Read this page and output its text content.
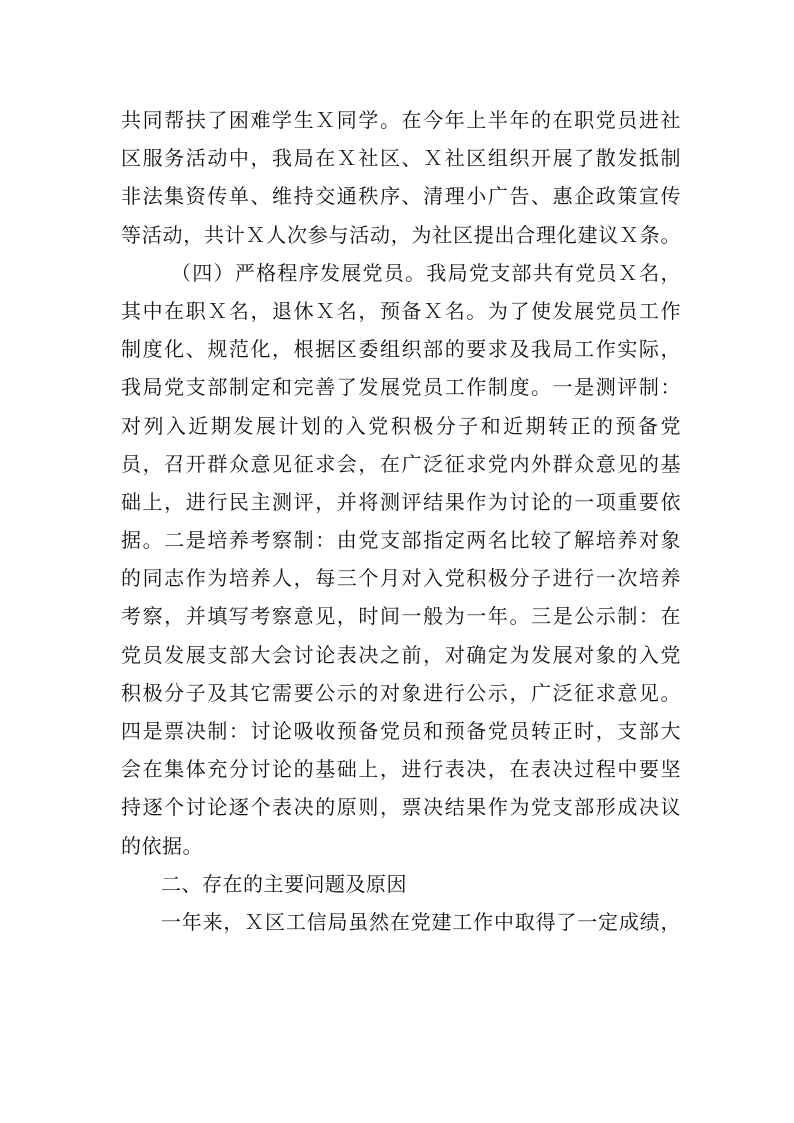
共同帮扶了困难学生Ｘ同学。在今年上半年的在职党员进社
区服务活动中，我局在Ｘ社区、Ｘ社区组织开展了散发抵制
非法集资传单、维持交通秩序、清理小广告、惠企政策宣传
等活动，共计Ｘ人次参与活动，为社区提出合理化建议Ｘ条。
（四）严格程序发展党员。我局党支部共有党员Ｘ名，
其中在职Ｘ名，退休Ｘ名，预备Ｘ名。为了使发展党员工作
制度化、规范化，根据区委组织部的要求及我局工作实际，
我局党支部制定和完善了发展党员工作制度。一是测评制：
对列入近期发展计划的入党积极分子和近期转正的预备党
员，召开群众意见征求会，在广泛征求党内外群众意见的基
础上，进行民主测评，并将测评结果作为讨论的一项重要依
据。二是培养考察制：由党支部指定两名比较了解培养对象
的同志作为培养人，每三个月对入党积极分子进行一次培养
考察，并填写考察意见，时间一般为一年。三是公示制：在
党员发展支部大会讨论表决之前，对确定为发展对象的入党
积极分子及其它需要公示的对象进行公示，广泛征求意见。
四是票决制：讨论吸收预备党员和预备党员转正时，支部大
会在集体充分讨论的基础上，进行表决，在表决过程中要坚
持逐个讨论逐个表决的原则，票决结果作为党支部形成决议
的依据。
二、存在的主要问题及原因
一年来，Ｘ区工信局虽然在党建工作中取得了一定成绩，
